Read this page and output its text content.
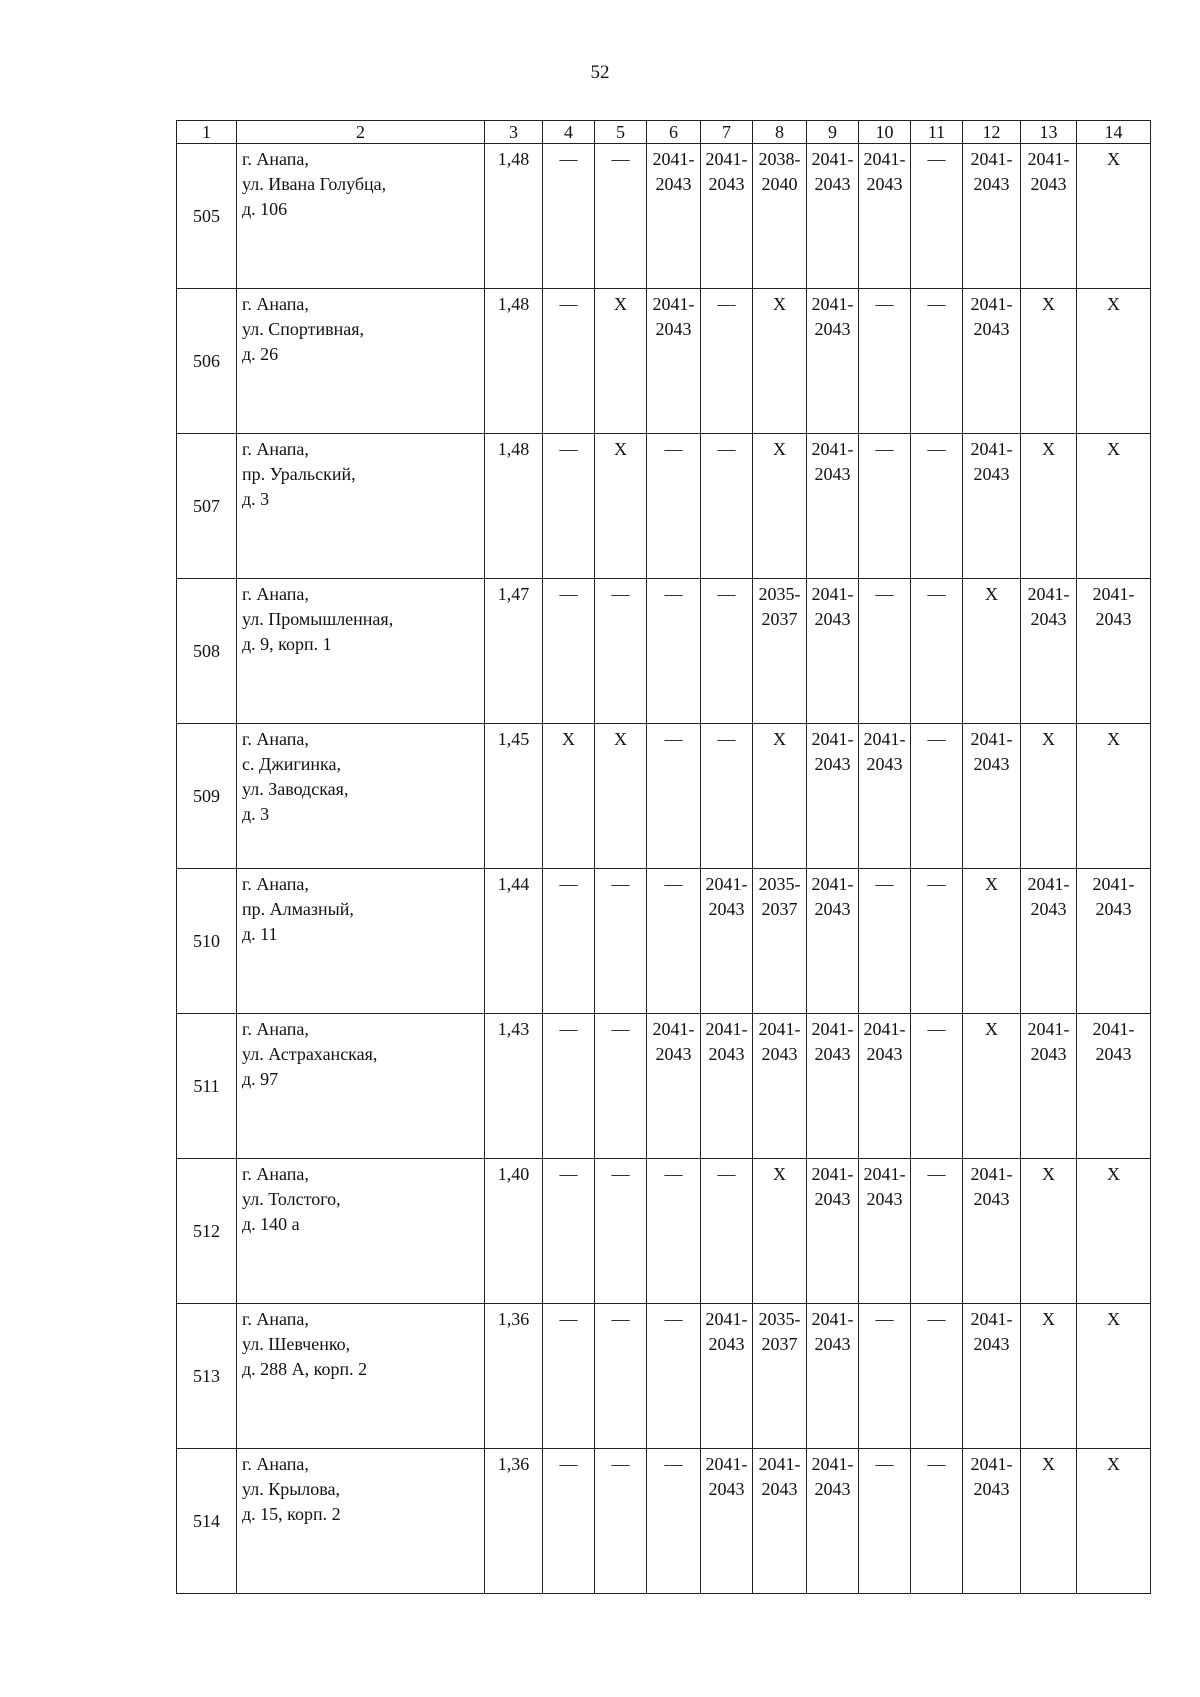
52
1	2	3	4	5	6	7	8	9	10	11	12	13	14
505	г. Анапа,
ул. Ивана Голубца,
д. 106	1,48	—	—	2041-
2043	2041-
2043	2038-
2040	2041-
2043	2041-
2043	—	2041-
2043	2041-
2043	Х

506	г. Анапа,
ул. Спортивная,
д. 26	1,48	—	Х	2041-
2043	—	Х	2041-
2043	—	—	2041-
2043	Х	Х

507	г. Анапа,
пр. Уральский,
д. 3	1,48	—	Х	—	—	Х	2041-
2043	—	—	2041-
2043	Х	Х

508	г. Анапа,
ул. Промышленная,
д. 9, корп. 1	1,47	—	—	—	—	2035-
2037	2041-
2043	—	—	Х	2041-
2043	2041-
2043

509	г. Анапа,
с. Джигинка,
ул. Заводская,
д. 3	1,45	Х	Х	—	—	Х	2041-
2043	2041-
2043	—	2041-
2043	Х	Х

510	г. Анапа,
пр. Алмазный,
д. 11	1,44	—	—	—	2041-
2043	2035-
2037	2041-
2043	—	—	Х	2041-
2043	2041-
2043

511	г. Анапа,
ул. Астраханская,
д. 97	1,43	—	—	2041-
2043	2041-
2043	2041-
2043	2041-
2043	2041-
2043	—	Х	2041-
2043	2041-
2043

512	г. Анапа,
ул. Толстого,
д. 140 а	1,40	—	—	—	—	Х	2041-
2043	2041-
2043	—	2041-
2043	Х	Х

513	г. Анапа,
ул. Шевченко,
д. 288 А, корп. 2	1,36	—	—	—	2041-
2043	2035-
2037	2041-
2043	—	—	2041-
2043	Х	Х

514	г. Анапа,
ул. Крылова,
д. 15, корп. 2	1,36	—	—	—	2041-
2043	2041-
2043	2041-
2043	—	—	2041-
2043	Х	Х
